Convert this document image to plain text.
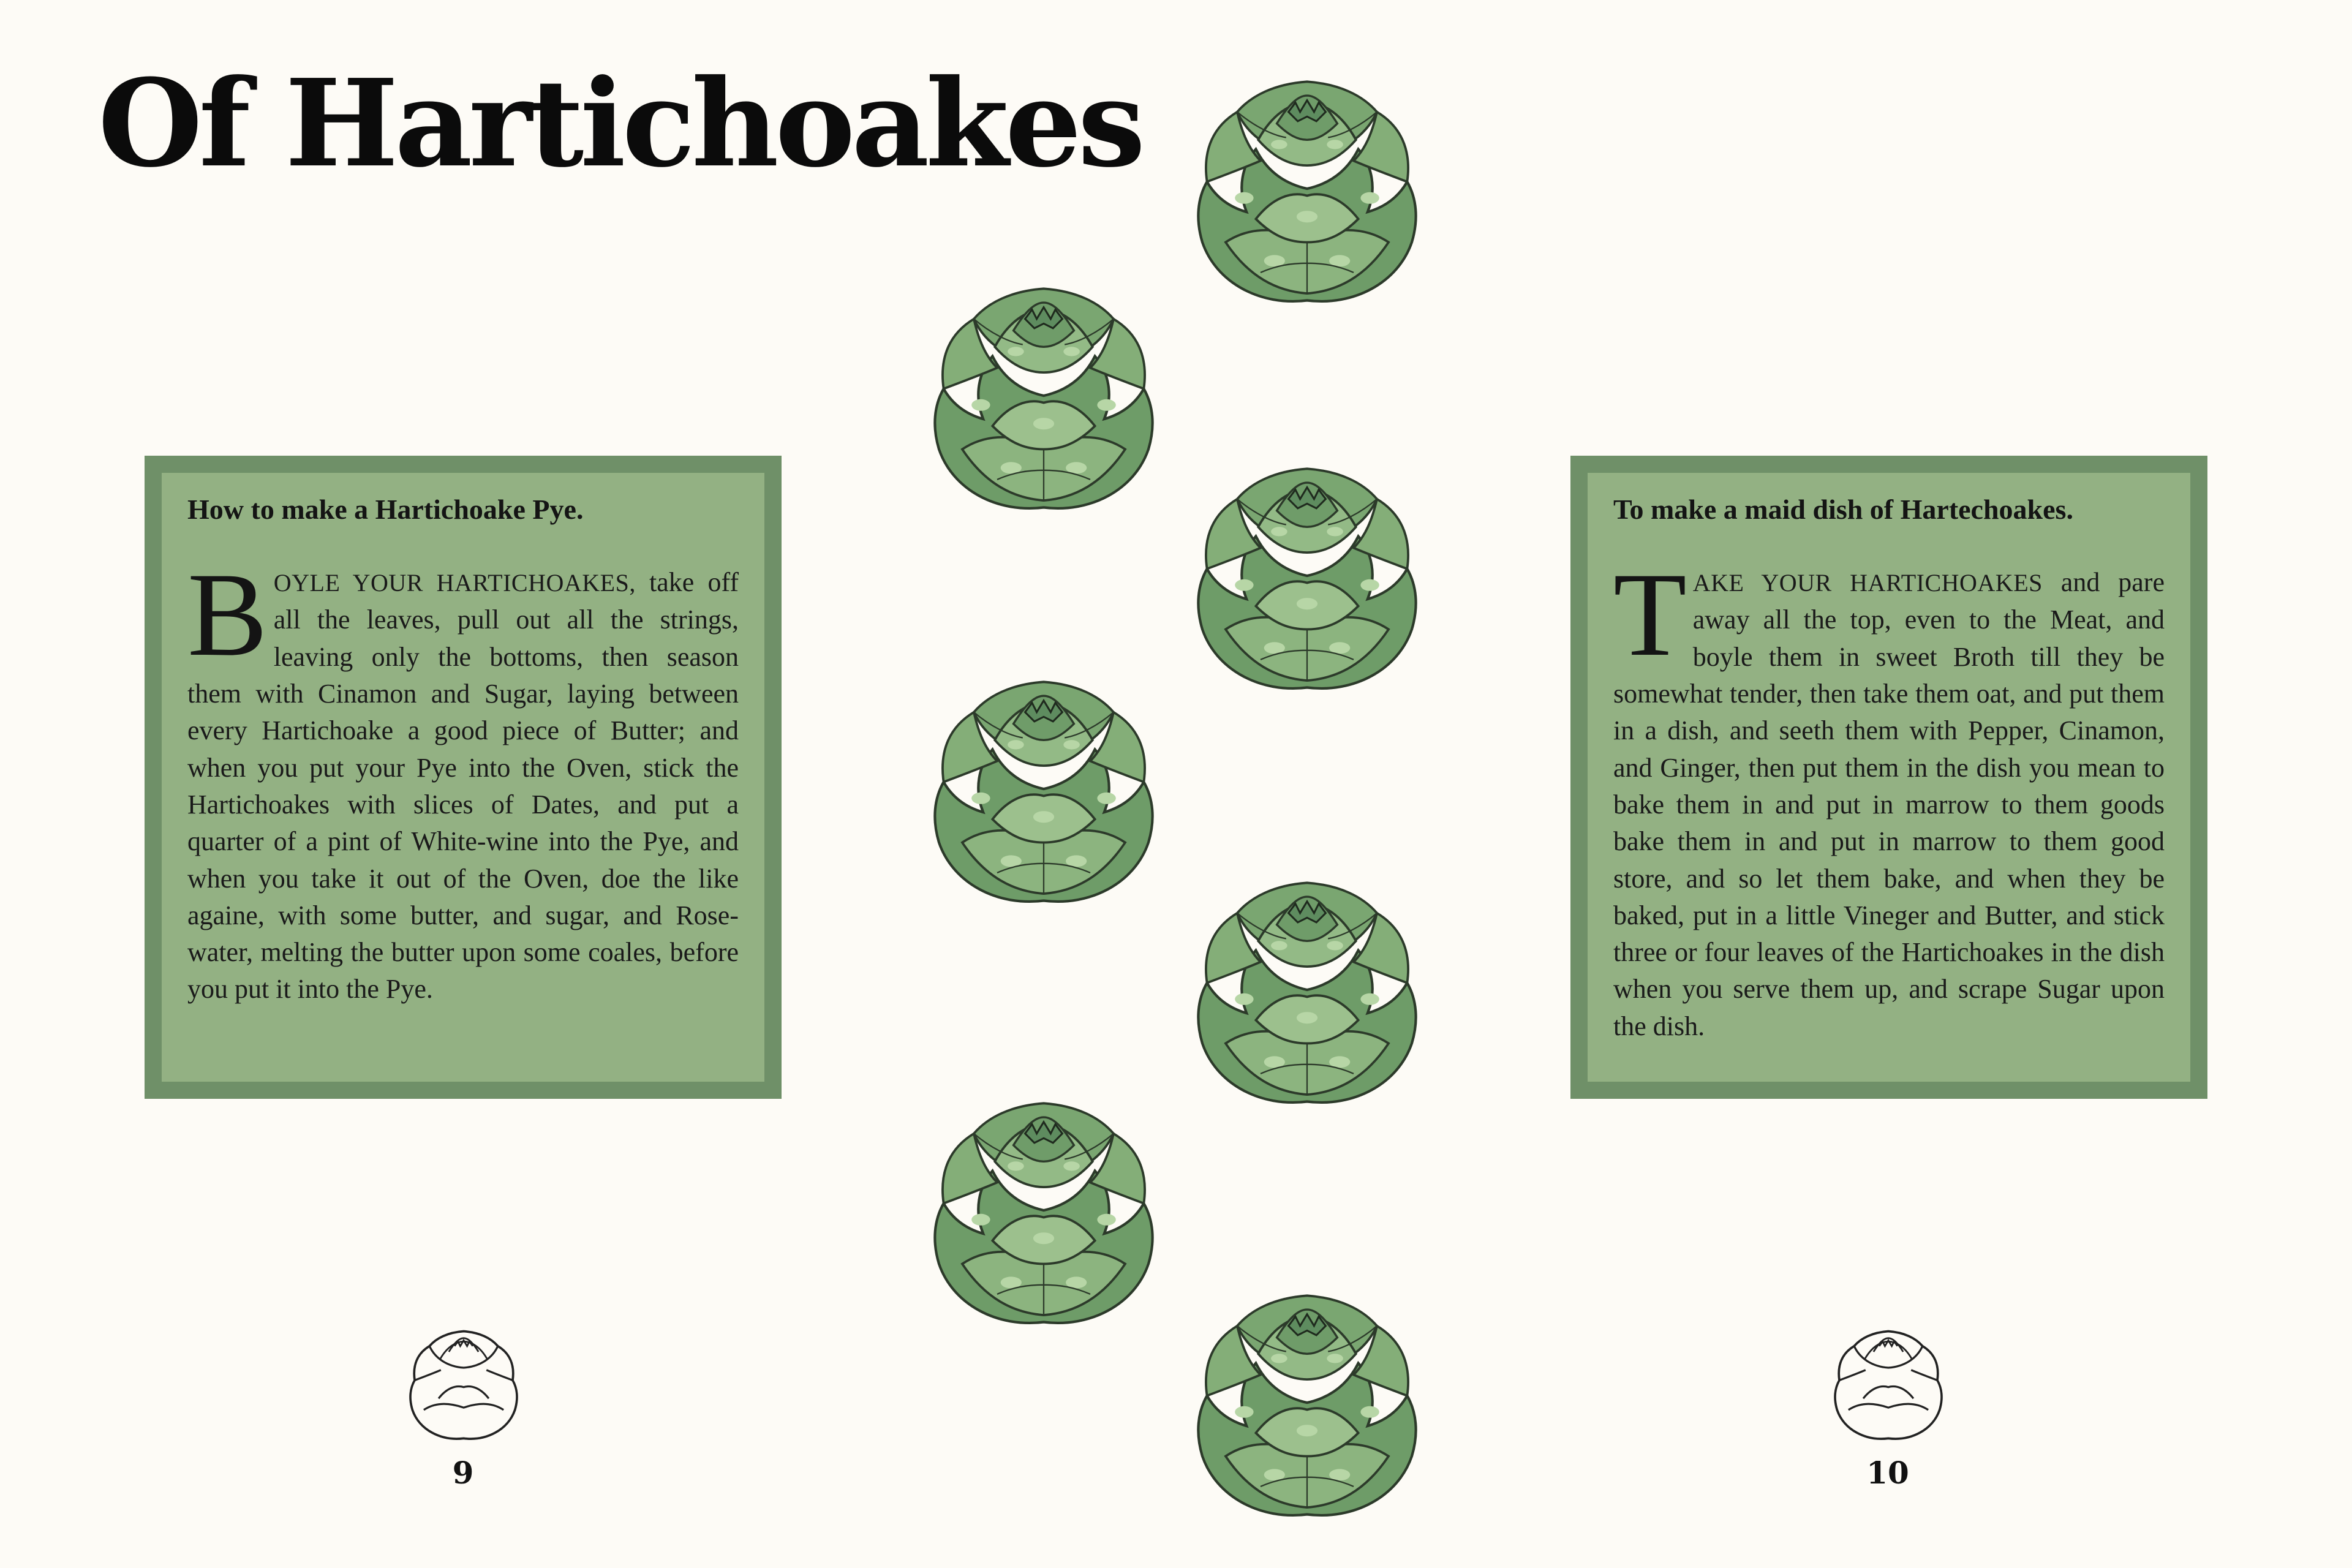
Of Hartichoakes

How to make a Hartichoake Pye.

BOYLE YOUR HARTICHOAKES, take off all the leaves, pull out all the strings, leaving only the bottoms, then season them with Cinamon and Sugar, laying between every Hartichoake a good piece of Butter; and when you put your Pye into the Oven, stick the Hartichoakes with slices of Dates, and put a quarter of a pint of White-wine into the Pye, and when you take it out of the Oven, doe the like againe, with some butter, and sugar, and Rose-water, melting the butter upon some coales, before you put it into the Pye.

To make a maid dish of Hartechoakes.

TAKE YOUR HARTICHOAKES and pare away all the top, even to the Meat, and boyle them in sweet Broth till they be somewhat tender, then take them oat, and put them in a dish, and seeth them with Pepper, Cinamon, and Ginger, then put them in the dish you mean to bake them in and put in marrow to them goods bake them in and put in marrow to them good store, and so let them bake, and when they be baked, put in a little Vineger and Butter, and stick three or four leaves of the Hartichoakes in the dish when you serve them up, and scrape Sugar upon the dish.

9	10
